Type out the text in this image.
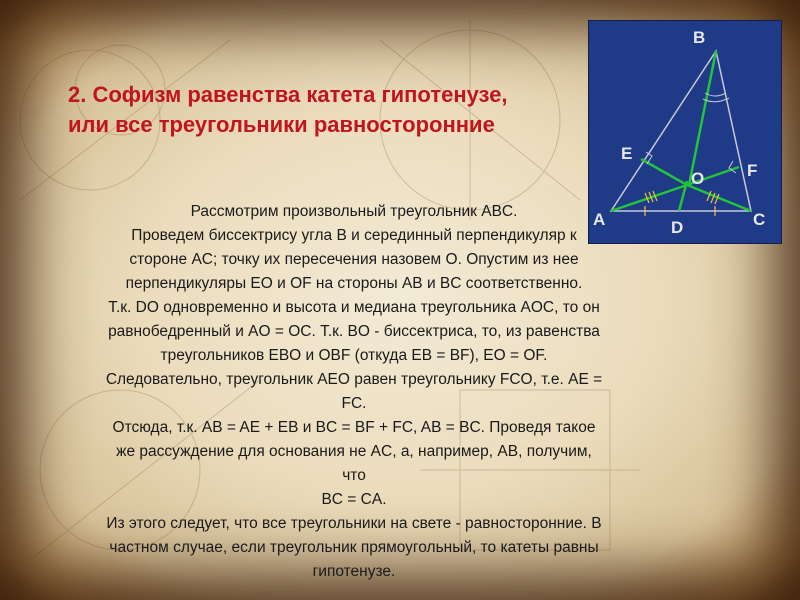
2. Софизм равенства катета гипотенузе, или все треугольники равносторонние
A
B
C
D
E
F
O

Рассмотрим произвольный треугольник ABC.

Проведем биссектрису угла B и серединный перпендикуляр к

стороне AC; точку их пересечения назовем O. Опустим из нее

перпендикуляры EO и OF на стороны AB и BC соответственно.

Т.к. DO одновременно и высота и медиана треугольника AOC, то он

равнобедренный и AO = OC. Т.к. BO - биссектриса, то, из равенства

треугольников EBO и OBF (откуда EB = BF), EO = OF.

Следовательно, треугольник AEO равен треугольнику FCO, т.е. AE =

FC.

Отсюда, т.к. AB = AE + EB и BC = BF + FC, AB = BC. Проведя такое

же рассуждение для основания не AC, а, например, AB, получим,

что

BC = CA.

Из этого следует, что все треугольники на свете - равносторонние. В

частном случае, если треугольник прямоугольный, то катеты равны

гипотенузе.
